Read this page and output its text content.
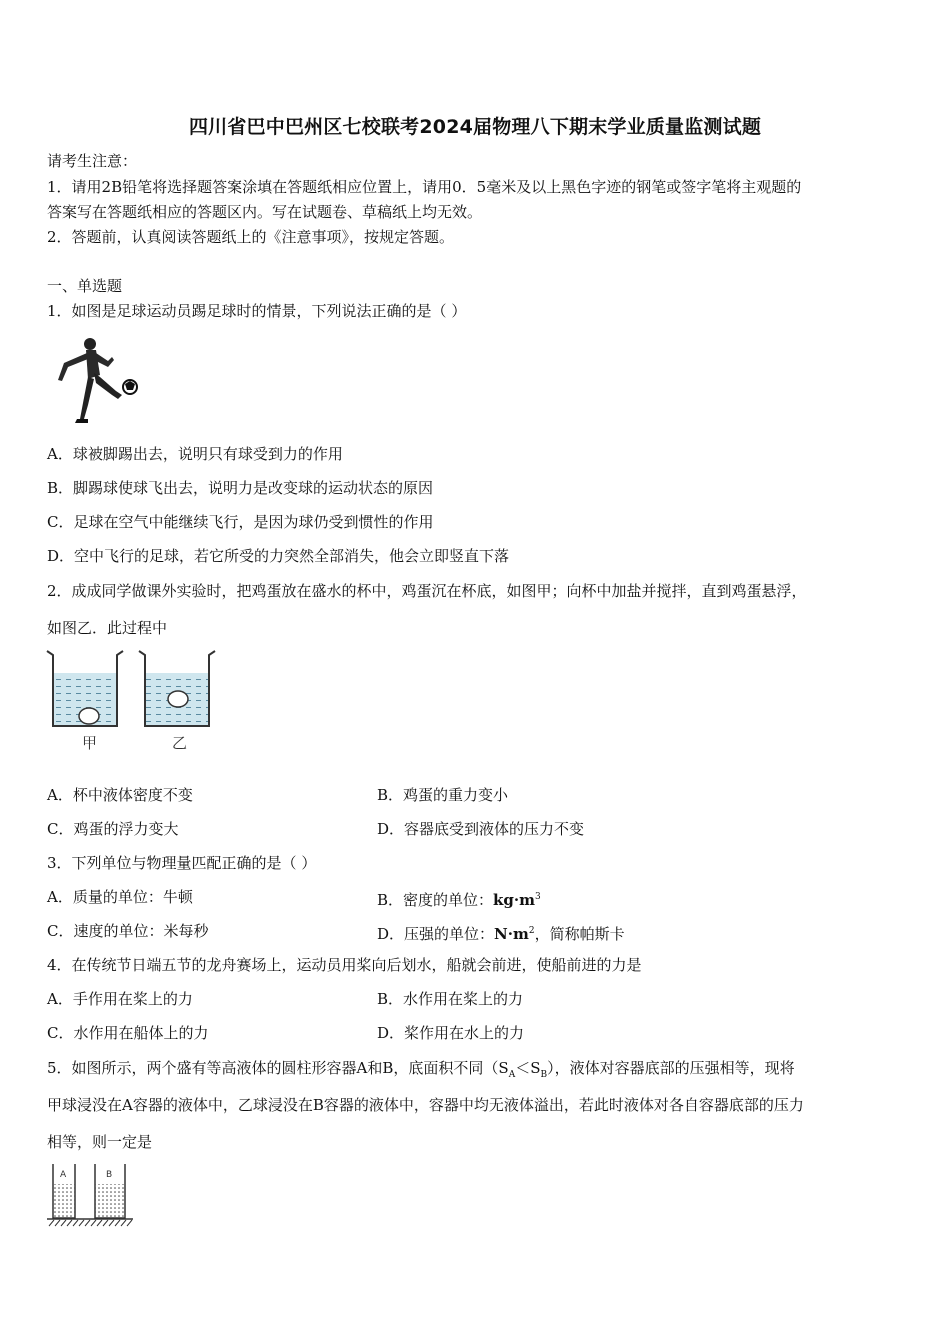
四川省巴中巴州区七校联考2024届物理八下期末学业质量监测试题
请考生注意：
1．请用2B铅笔将选择题答案涂填在答题纸相应位置上，请用0．5毫米及以上黑色字迹的钢笔或签字笔将主观题的
答案写在答题纸相应的答题区内。写在试题卷、草稿纸上均无效。
2．答题前，认真阅读答题纸上的《注意事项》，按规定答题。
一、单选题
1．如图是足球运动员踢足球时的情景，下列说法正确的是（ ）
A．球被脚踢出去，说明只有球受到力的作用
B．脚踢球使球飞出去，说明力是改变球的运动状态的原因
C．足球在空气中能继续飞行，是因为球仍受到惯性的作用
D．空中飞行的足球，若它所受的力突然全部消失，他会立即竖直下落
2．成成同学做课外实验时，把鸡蛋放在盛水的杯中，鸡蛋沉在杯底，如图甲；向杯中加盐并搅拌，直到鸡蛋悬浮，
如图乙．此过程中
甲	乙
A．杯中液体密度不变	B．鸡蛋的重力变小
C．鸡蛋的浮力变大	D．容器底受到液体的压力不变
3．下列单位与物理量匹配正确的是（ ）
A．质量的单位：牛顿	B．密度的单位：$kg\cdot m^3$
C．速度的单位：米每秒	D．压强的单位：$N\cdot m^2$，简称帕斯卡
4．在传统节日端五节的龙舟赛场上，运动员用桨向后划水，船就会前进，使船前进的力是
A．手作用在桨上的力	B．水作用在桨上的力
C．水作用在船体上的力	D．桨作用在水上的力
5．如图所示，两个盛有等高液体的圆柱形容器A和B，底面积不同$(S_A<S_B)$，液体对容器底部的压强相等，现将
甲球浸没在A容器的液体中，乙球浸没在B容器的液体中，容器中均无液体溢出，若此时液体对各自容器底部的压力
相等，则一定是
A	B
